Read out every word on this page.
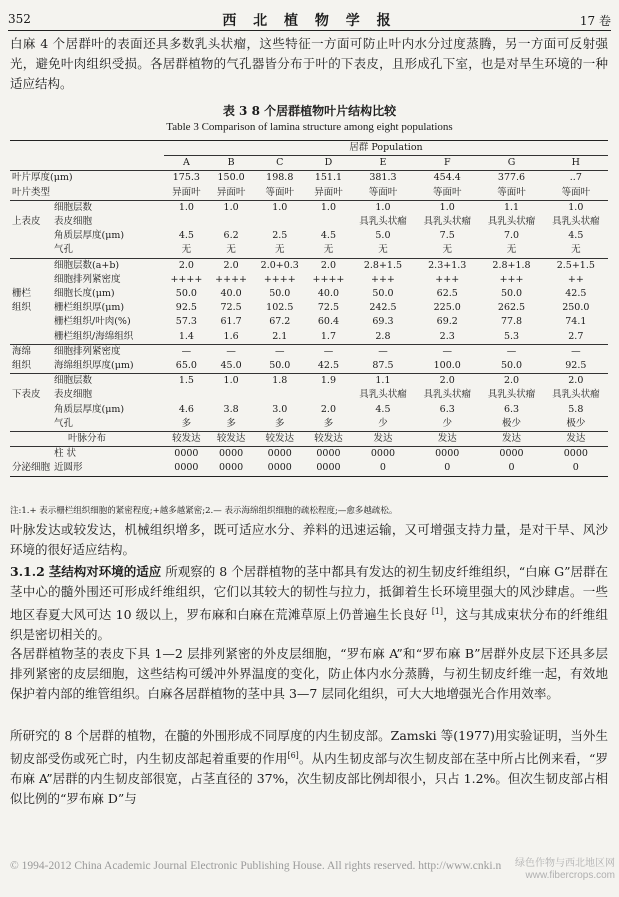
352	西 北 植 物 学 报	17 卷
白麻 4 个居群叶的表面还具多数乳头状瘤，这些特征一方面可防止叶内水分过度蒸腾，另一方面可反射强光，避免叶肉组织受损。各居群植物的气孔器皆分布于叶的下表皮，且形成孔下室，也是对旱生环境的一种适应结构。
表 3 8 个居群植物叶片结构比较
Table 3 Comparison of lamina structure among eight populations
		居群 Population							
		A	B	C	D	E	F	G	H
叶片厚度(μm)		175.3	150.0	198.8	151.1	381.3	454.4	377.6	..7
叶片类型		异面叶	异面叶	等面叶	异面叶	等面叶	等面叶	等面叶	等面叶
	细胞层数	1.0	1.0	1.0	1.0	1.0	1.0	1.1	1.0
上表皮	表皮细胞					具乳头状瘤	具乳头状瘤	具乳头状瘤	具乳头状瘤
	角质层厚度(μm)	4.5	6.2	2.5	4.5	5.0	7.5	7.0	4.5
	气孔	无	无	无	无	无	无	无	无
	细胞层数(a+b)	2.0	2.0	2.0+0.3	2.0	2.8+1.5	2.3+1.3	2.8+1.8	2.5+1.5
	细胞排列紧密度	++++	++++	++++	++++	+++	+++	+++	++
栅栏	细胞长度(μm)	50.0	40.0	50.0	40.0	50.0	62.5	50.0	42.5
组织	栅栏组织厚(μm)	92.5	72.5	102.5	72.5	242.5	225.0	262.5	250.0
	栅栏组织/叶肉(%)	57.3	61.7	67.2	60.4	69.3	69.2	77.8	74.1
	栅栏组织/海绵组织	1.4	1.6	2.1	1.7	2.8	2.3	5.3	2.7
海绵	细胞排列紧密度	—	—	—	—	—	—	—	—
组织	海绵组织厚度(μm)	65.0	45.0	50.0	42.5	87.5	100.0	50.0	92.5
	细胞层数	1.5	1.0	1.8	1.9	1.1	2.0	2.0	2.0
下表皮	表皮细胞					具乳头状瘤	具乳头状瘤	具乳头状瘤	具乳头状瘤
	角质层厚度(μm)	4.6	3.8	3.0	2.0	4.5	6.3	6.3	5.8
	气孔	多	多	多	多	少	少	极少	极少
叶脉分布		较发达	较发达	较发达	较发达	发达	发达	发达	发达
	柱 状	0000	0000	0000	0000	0000	0000	0000	0000
分泌细胞	近圆形	0000	0000	0000	0000	0	0	0	0
注:1.+ 表示栅栏组织细胞的紧密程度;+越多越紧密;2.— 表示海绵组织细胞的疏松程度;—愈多越疏松。
叶脉发达或较发达，机械组织增多，既可适应水分、养料的迅速运输，又可增强支持力量，是对干旱、风沙环境的很好适应结构。
3.1.2 茎结构对环境的适应 所观察的 8 个居群植物的茎中都具有发达的初生韧皮纤维组织，“白麻 G”居群在茎中心的髓外围还可形成纤维组织，它们以其较大的韧性与拉力，抵御着生长环境里强大的风沙肆虐。一些地区春夏大风可达 10 级以上，罗布麻和白麻在荒滩草原上仍普遍生长良好 [1]，这与其成束状分布的纤维组织是密切相关的。
各居群植物茎的表皮下具 1—2 层排列紧密的外皮层细胞，“罗布麻 A”和“罗布麻 B”居群外皮层下还具多层排列紧密的皮层细胞，这些结构可缓冲外界温度的变化，防止体内水分蒸腾，与初生韧皮纤维一起，有效地保护着内部的维管组织。白麻各居群植物的茎中具 3—7 层同化组织，可大大地增强光合作用效率。
所研究的 8 个居群的植物，在髓的外围形成不同厚度的内生韧皮部。Zamski 等(1977)用实验证明，当外生韧皮部受伤或死亡时，内生韧皮部起着重要的作用[6]。从内生韧皮部与次生韧皮部在茎中所占比例来看，“罗布麻 A”居群的内生韧皮部很宽，占茎直径的 37%，次生韧皮部比例却很小，只占 1.2%。但次生韧皮部占相似比例的“罗布麻 D”与
© 1994-2012 China Academic Journal Electronic Publishing House. All rights reserved. http://www.cnki.n 绿色作物与西北地区网
www.fibercrops.com
